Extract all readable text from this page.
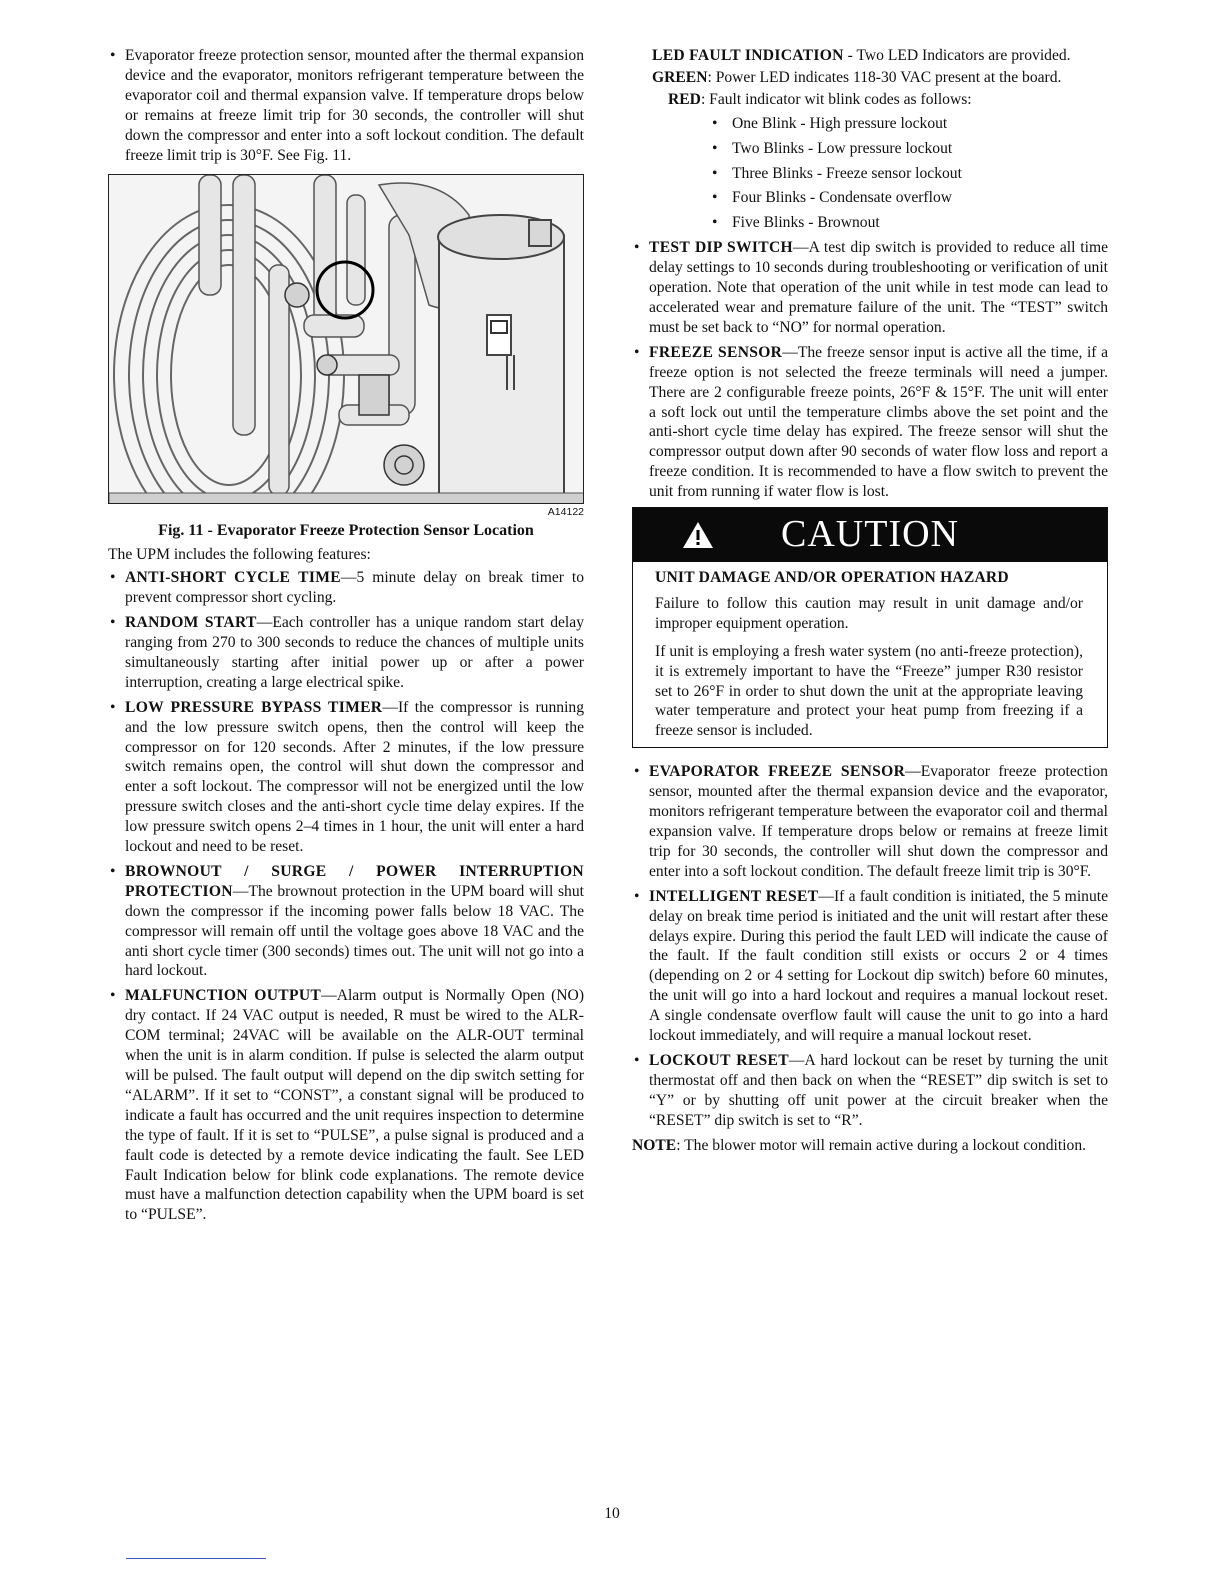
• Evaporator freeze protection sensor, mounted after the thermal expansion device and the evaporator, monitors refrigerant temperature between the evaporator coil and thermal expansion valve. If temperature drops below or remains at freeze limit trip for 30 seconds, the controller will shut down the compressor and enter into a soft lockout condition. The default freeze limit trip is 30°F. See Fig. 11.
A14122
Fig. 11 - Evaporator Freeze Protection Sensor Location

The UPM includes the following features:

• ANTI-SHORT CYCLE TIME—5 minute delay on break timer to prevent compressor short cycling.
• RANDOM START—Each controller has a unique random start delay ranging from 270 to 300 seconds to reduce the chances of multiple units simultaneously starting after initial power up or after a power interruption, creating a large electrical spike.
• LOW PRESSURE BYPASS TIMER—If the compressor is running and the low pressure switch opens, then the control will keep the compressor on for 120 seconds. After 2 minutes, if the low pressure switch remains open, the control will shut down the compressor and enter a soft lockout. The compressor will not be energized until the low pressure switch closes and the anti-short cycle time delay expires. If the low pressure switch opens 2–4 times in 1 hour, the unit will enter a hard lockout and need to be reset.
• BROWNOUT / SURGE / POWER INTERRUPTION PROTECTION—The brownout protection in the UPM board will shut down the compressor if the incoming power falls below 18 VAC. The compressor will remain off until the voltage goes above 18 VAC and the anti short cycle timer (300 seconds) times out. The unit will not go into a hard lockout.
• MALFUNCTION OUTPUT—Alarm output is Normally Open (NO) dry contact. If 24 VAC output is needed, R must be wired to the ALR-COM terminal; 24VAC will be available on the ALR-OUT terminal when the unit is in alarm condition. If pulse is selected the alarm output will be pulsed. The fault output will depend on the dip switch setting for “ALARM”. If it set to “CONST”, a constant signal will be produced to indicate a fault has occurred and the unit requires inspection to determine the type of fault. If it is set to “PULSE”, a pulse signal is produced and a fault code is detected by a remote device indicating the fault. See LED Fault Indication below for blink code explanations. The remote device must have a malfunction detection capability when the UPM board is set to “PULSE”.

LED FAULT INDICATION - Two LED Indicators are provided.

GREEN: Power LED indicates 118-30 VAC present at the board.

RED: Fault indicator wit blink codes as follows:

• One Blink - High pressure lockout
• Two Blinks - Low pressure lockout
• Three Blinks - Freeze sensor lockout
• Four Blinks - Condensate overflow
• Five Blinks - Brownout
• TEST DIP SWITCH—A test dip switch is provided to reduce all time delay settings to 10 seconds during troubleshooting or verification of unit operation. Note that operation of the unit while in test mode can lead to accelerated wear and premature failure of the unit. The “TEST” switch must be set back to “NO” for normal operation.
• FREEZE SENSOR—The freeze sensor input is active all the time, if a freeze option is not selected the freeze terminals will need a jumper. There are 2 configurable freeze points, 26°F & 15°F. The unit will enter a soft lock out until the temperature climbs above the set point and the anti-short cycle time delay has expired. The freeze sensor will shut the compressor output down after 90 seconds of water flow loss and report a freeze condition. It is recommended to have a flow switch to prevent the unit from running if water flow is lost.
CAUTION
UNIT DAMAGE AND/OR OPERATION HAZARD

Failure to follow this caution may result in unit damage and/or improper equipment operation.

If unit is employing a fresh water system (no anti-freeze protection), it is extremely important to have the “Freeze” jumper R30 resistor set to 26°F in order to shut down the unit at the appropriate leaving water temperature and protect your heat pump from freezing if a freeze sensor is included.

• EVAPORATOR FREEZE SENSOR—Evaporator freeze protection sensor, mounted after the thermal expansion device and the evaporator, monitors refrigerant temperature between the evaporator coil and thermal expansion valve. If temperature drops below or remains at freeze limit trip for 30 seconds, the controller will shut down the compressor and enter into a soft lockout condition. The default freeze limit trip is 30°F.
• INTELLIGENT RESET—If a fault condition is initiated, the 5 minute delay on break time period is initiated and the unit will restart after these delays expire. During this period the fault LED will indicate the cause of the fault. If the fault condition still exists or occurs 2 or 4 times (depending on 2 or 4 setting for Lockout dip switch) before 60 minutes, the unit will go into a hard lockout and requires a manual lockout reset. A single condensate overflow fault will cause the unit to go into a hard lockout immediately, and will require a manual lockout reset.
• LOCKOUT RESET—A hard lockout can be reset by turning the unit thermostat off and then back on when the “RESET” dip switch is set to “Y” or by shutting off unit power at the circuit breaker when the “RESET” dip switch is set to “R”.

NOTE: The blower motor will remain active during a lockout condition.

10
